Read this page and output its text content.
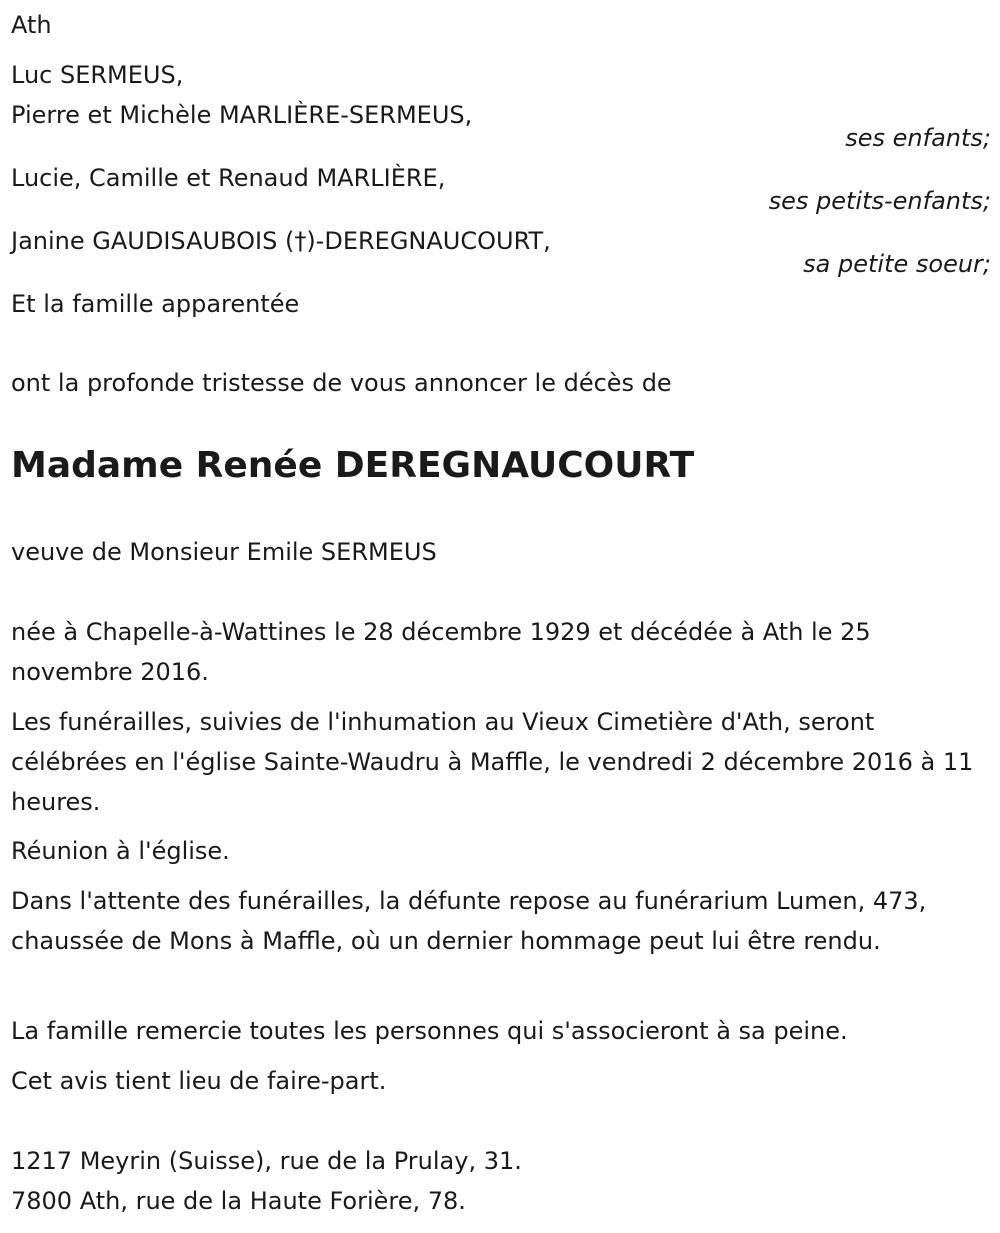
Ath
Luc SERMEUS,
Pierre et Michèle MARLIÈRE-SERMEUS,
ses enfants;
Lucie, Camille et Renaud MARLIÈRE,
ses petits-enfants;
Janine GAUDISAUBOIS (†)-DEREGNAUCOURT,
sa petite soeur;
Et la famille apparentée
ont la profonde tristesse de vous annoncer le décès de
Madame Renée DEREGNAUCOURT
veuve de Monsieur Emile SERMEUS
née à Chapelle-à-Wattines le 28 décembre 1929 et décédée à Ath le 25 novembre 2016.
Les funérailles, suivies de l'inhumation au Vieux Cimetière d'Ath, seront célébrées en l'église Sainte-Waudru à Maffle, le vendredi 2 décembre 2016 à 11 heures.
Réunion à l'église.
Dans l'attente des funérailles, la défunte repose au funérarium Lumen, 473, chaussée de Mons à Maffle, où un dernier hommage peut lui être rendu.
La famille remercie toutes les personnes qui s'associeront à sa peine.
Cet avis tient lieu de faire-part.
1217 Meyrin (Suisse), rue de la Prulay, 31.
7800 Ath, rue de la Haute Forière, 78.
